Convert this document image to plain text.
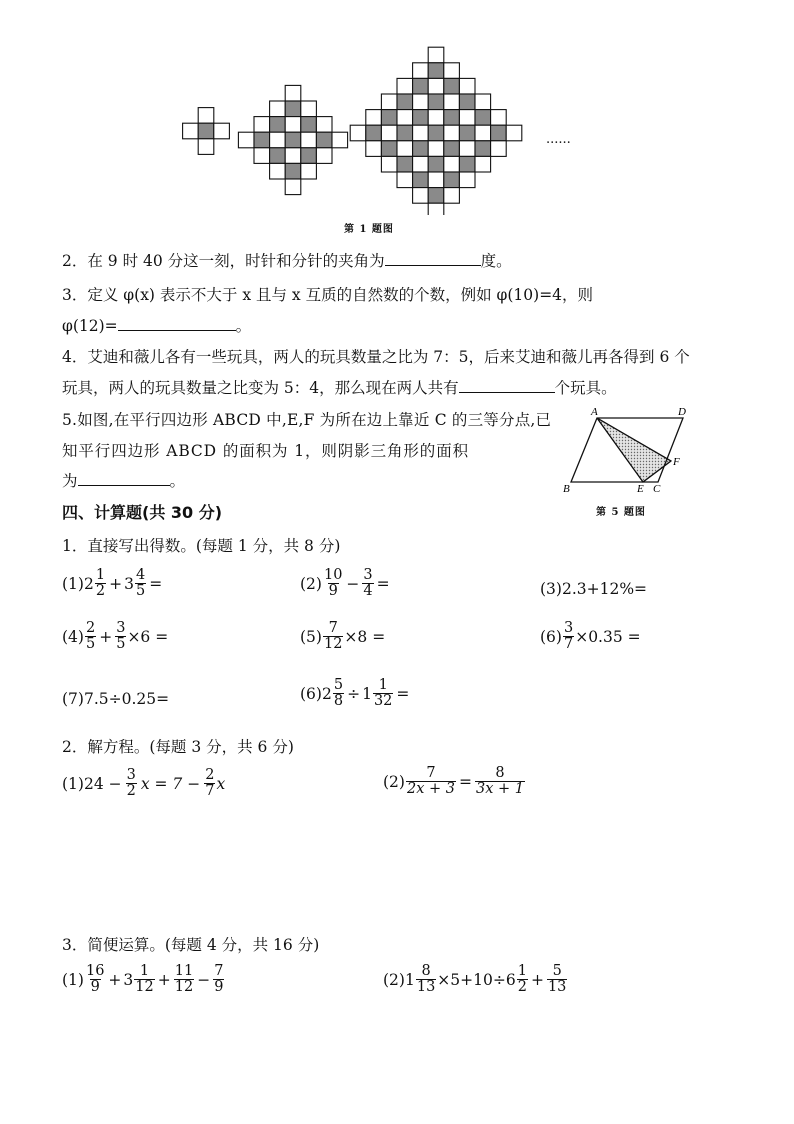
......
第 1 题图
2．在 9 时 40 分这一刻，时针和分针的夹角为	度。
3．定义 φ(x) 表示不大于 x 且与 x 互质的自然数的个数，例如 φ(10)=4，则
φ(12)=	。
4．艾迪和薇儿各有一些玩具，两人的玩具数量之比为 7：5，后来艾迪和薇儿再各得到 6 个
玩具，两人的玩具数量之比变为 5：4，那么现在两人共有	个玩具。
5.如图,在平行四边形 ABCD 中,E,F 为所在边上靠近 C 的三等分点,已
知平行四边形 ABCD 的面积为 1，则阴影三角形的面积
为	。
A	D
B	E C
F
第 5 题图
四、计算题(共 30 分)
1．直接写出得数。(每题 1 分，共 8 分)
(1) $2 \frac{1}{2} + 3 \frac{4}{5}$ =	$(2) \frac{10}{9} - \frac{3}{4}$ =	(3)2.3+12%=
$(4) \frac{2}{5} + \frac{3}{5} \times 6$ =	$(5) \frac{7}{12} \times 8$ =	$(6) \frac{3}{7} \times 0.35$ =
(7)7.5÷0.25=	(6) $2 \frac{5}{8} \div 1 \frac{1}{32}$ =
2．解方程。(每题 3 分，共 6 分)
(1) $24 - \frac{3}{2}$ $x = 7 - \frac{2}{7}$ x	$(2) \frac{7}{2x + 3} = \frac{8}{3x + 1}$
3．简便运算。(每题 4 分，共 16 分)
$(1) \frac{16}{9} + 3 \frac{1}{12} + \frac{11}{12} - \frac{7}{9}$	(2) $1 \frac{8}{13} \times 5+10\div 6 \frac{1}{2} + \frac{5}{13}$
